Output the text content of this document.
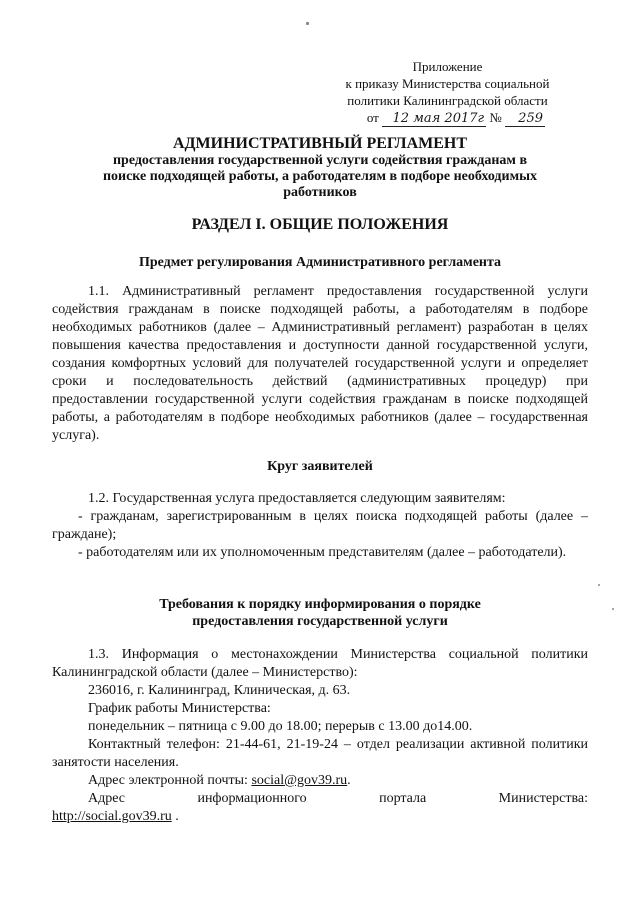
Приложение
к приказу Министерства социальной
политики Калининградской области
от 12 мая 2017г № 259
АДМИНИСТРАТИВНЫЙ РЕГЛАМЕНТ
предоставления государственной услуги содействия гражданам в поиске подходящей работы, а работодателям в подборе необходимых работников
РАЗДЕЛ I. ОБЩИЕ ПОЛОЖЕНИЯ
Предмет регулирования Административного регламента

1.1. Административный регламент предоставления государственной услуги содействия гражданам в поиске подходящей работы, а работодателям в подборе необходимых работников (далее – Административный регламент) разработан в целях повышения качества предоставления и доступности данной государственной услуги, создания комфортных условий для получателей государственной услуги и определяет сроки и последовательность действий (административных процедур) при предоставлении государственной услуги содействия гражданам в поиске подходящей работы, а работодателям в подборе необходимых работников (далее – государственная услуга).

Круг заявителей

1.2. Государственная услуга предоставляется следующим заявителям:

- гражданам, зарегистрированным в целях поиска подходящей работы (далее – граждане);

- работодателям или их уполномоченным представителям (далее – работодатели).

Требования к порядку информирования о порядке
предоставления государственной услуги

1.3. Информация о местонахождении Министерства социальной политики Калининградской области (далее – Министерство):

236016, г. Калининград, Клиническая, д. 63.

График работы Министерства:

понедельник – пятница с 9.00 до 18.00; перерыв с 13.00 до14.00.

Контактный телефон: 21-44-61, 21-19-24 – отдел реализации активной политики занятости населения.

Адрес электронной почты: social@gov39.ru.

Адрес информационного портала Министерства:

http://social.gov39.ru .
